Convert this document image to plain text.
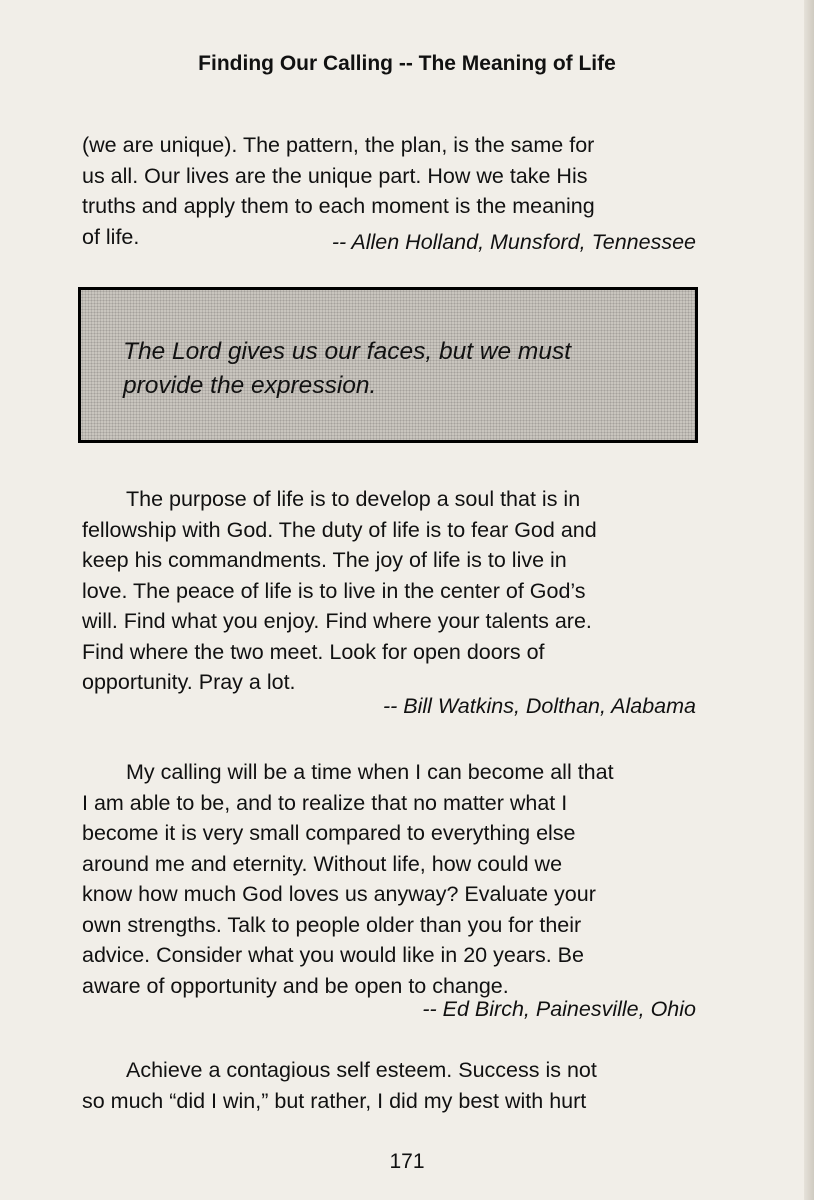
Finding Our Calling -- The Meaning of Life
(we are unique). The pattern, the plan, is the same for
us all. Our lives are the unique part. How we take His
truths and apply them to each moment is the meaning
of life.	-- Allen Holland, Munsford, Tennessee
The Lord gives us our faces, but we must
provide the expression.
The purpose of life is to develop a soul that is in
fellowship with God. The duty of life is to fear God and
keep his commandments. The joy of life is to live in
love. The peace of life is to live in the center of God’s
will. Find what you enjoy. Find where your talents are.
Find where the two meet. Look for open doors of
opportunity. Pray a lot.
-- Bill Watkins, Dolthan, Alabama
My calling will be a time when I can become all that
I am able to be, and to realize that no matter what I
become it is very small compared to everything else
around me and eternity. Without life, how could we
know how much God loves us anyway? Evaluate your
own strengths. Talk to people older than you for their
advice. Consider what you would like in 20 years. Be
aware of opportunity and be open to change.
-- Ed Birch, Painesville, Ohio
Achieve a contagious self esteem. Success is not
so much “did I win,” but rather, I did my best with hurt
171
